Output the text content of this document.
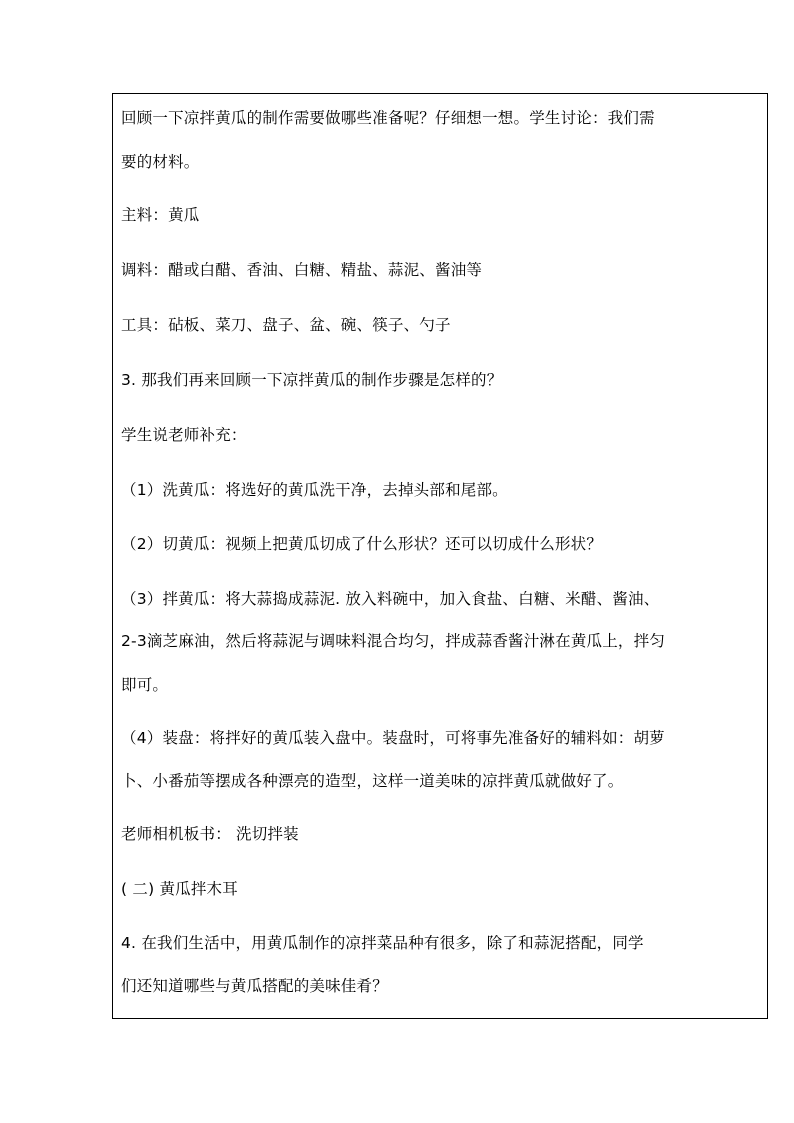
回顾一下凉拌黄瓜的制作需要做哪些准备呢？仔细想一想。学生讨论：我们需
要的材料。
主料：黄瓜
调料：醋或白醋、香油、白糖、精盐、蒜泥、酱油等
工具：砧板、菜刀、盘子、盆、碗、筷子、勺子
3. 那我们再来回顾一下凉拌黄瓜的制作步骤是怎样的？
学生说老师补充：
（1）洗黄瓜：将选好的黄瓜洗干净，去掉头部和尾部。
（2）切黄瓜：视频上把黄瓜切成了什么形状？还可以切成什么形状？
（3）拌黄瓜：将大蒜捣成蒜泥. 放入料碗中，加入食盐、白糖、米醋、酱油、
2-3滴芝麻油，然后将蒜泥与调味料混合均匀，拌成蒜香酱汁淋在黄瓜上，拌匀
即可。
（4）装盘：将拌好的黄瓜装入盘中。装盘时，可将事先准备好的辅料如：胡萝
卜、小番茄等摆成各种漂亮的造型，这样一道美味的凉拌黄瓜就做好了。
老师相机板书： 洗切拌装
( 二) 黄瓜拌木耳
4. 在我们生活中，用黄瓜制作的凉拌菜品种有很多，除了和蒜泥搭配，同学
们还知道哪些与黄瓜搭配的美味佳肴？
